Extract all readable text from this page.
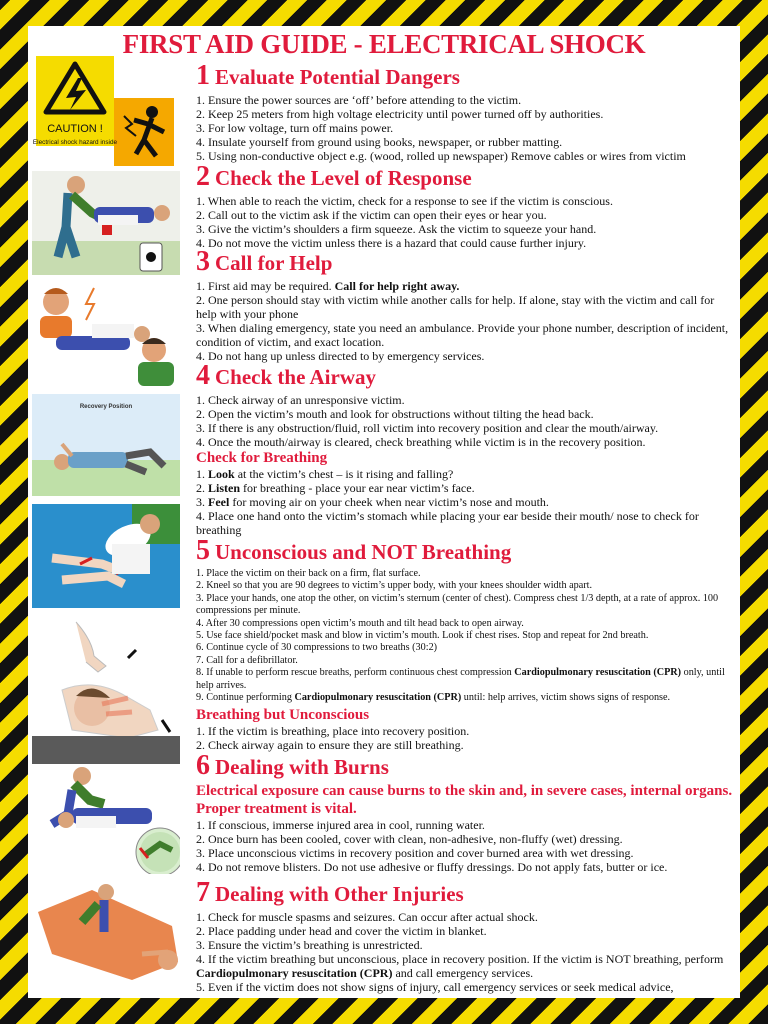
FIRST AID GUIDE - ELECTRICAL SHOCK
CAUTION !
Electrical shock hazard inside
Recovery Position
1 Evaluate Potential Dangers
1. Ensure the power sources are ‘off’ before attending to the victim.
2. Keep 25 meters from high voltage electricity until power turned off by authorities.
3. For low voltage, turn off mains power.
4. Insulate yourself from ground using books, newspaper, or rubber matting.
5. Using non-conductive object e.g. (wood, rolled up newspaper) Remove cables or wires from victim
2 Check the Level of Response
1. When able to reach the victim, check for a response to see if the victim is conscious.
2. Call out to the victim ask if the victim can open their eyes or hear you.
3. Give the victim’s shoulders a firm squeeze. Ask the victim to squeeze your hand.
4. Do not move the victim unless there is a hazard that could cause further injury.
3 Call for Help
1. First aid may be required. Call for help right away.
2. One person should stay with victim while another calls for help. If alone, stay with the victim and call for help with your phone
3. When dialing emergency, state you need an ambulance. Provide your phone number, description of incident, condition of victim, and exact location.
4. Do not hang up unless directed to by emergency services.
4 Check the Airway
1. Check airway of an unresponsive victim.
2. Open the victim’s mouth and look for obstructions without tilting the head back.
3. If there is any obstruction/fluid, roll victim into recovery position and clear the mouth/airway.
4. Once the mouth/airway is cleared, check breathing while victim is in the recovery position.
Check for Breathing
1. Look at the victim’s chest – is it rising and falling?
2. Listen for breathing - place your ear near victim’s face.
3. Feel for moving air on your cheek when near victim’s nose and mouth.
4. Place one hand onto the victim’s stomach while placing your ear beside their mouth/ nose to check for breathing
5 Unconscious and NOT Breathing
1. Place the victim on their back on a firm, flat surface.
2. Kneel so that you are 90 degrees to victim’s upper body, with your knees shoulder width apart.
3. Place your hands, one atop the other, on victim’s sternum (center of chest). Compress chest 1/3 depth, at a rate of approx. 100 compressions per minute.
4. After 30 compressions open victim’s mouth and tilt head back to open airway.
5. Use face shield/pocket mask and blow in victim’s mouth. Look if chest rises. Stop and repeat for 2nd breath.
6. Continue cycle of 30 compressions to two breaths (30:2)
7. Call for a defibrillator.
8. If unable to perform rescue breaths, perform continuous chest compression Cardiopulmonary resuscitation (CPR) only, until help arrives.
9. Continue performing Cardiopulmonary resuscitation (CPR) until: help arrives, victim shows signs of response.
Breathing but Unconscious
1. If the victim is breathing, place into recovery position.
2. Check airway again to ensure they are still breathing.
6 Dealing with Burns
Electrical exposure can cause burns to the skin and, in severe cases, internal organs. Proper treatment is vital.
1. If conscious, immerse injured area in cool, running water.
2. Once burn has been cooled, cover with clean, non-adhesive, non-fluffy (wet) dressing.
3. Place unconscious victims in recovery position and cover burned area with wet dressing.
4. Do not remove blisters. Do not use adhesive or fluffy dressings. Do not apply fats, butter or ice.
7 Dealing with Other Injuries
1. Check for muscle spasms and seizures. Can occur after actual shock.
2. Place padding under head and cover the victim in blanket.
3. Ensure the victim’s breathing is unrestricted.
4. If the victim breathing but unconscious, place in recovery position. If the victim is NOT breathing, perform Cardiopulmonary resuscitation (CPR) and call emergency services.
5. Even if the victim does not show signs of injury, call emergency services or seek medical advice,
